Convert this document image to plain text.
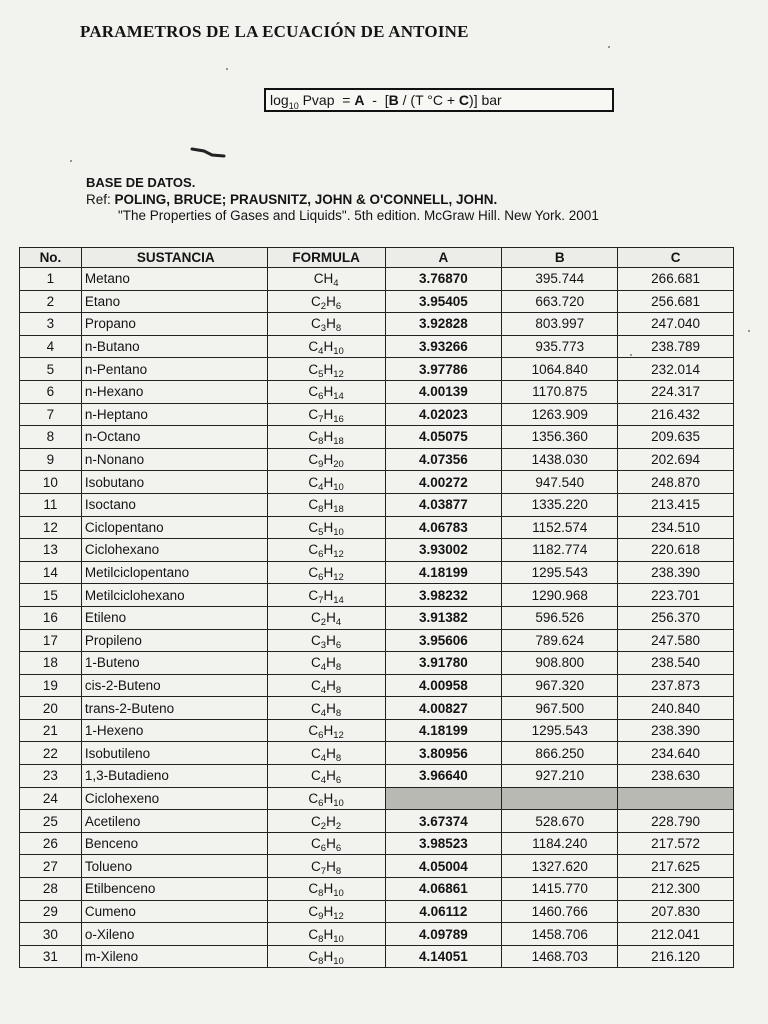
PARAMETROS DE LA ECUACIÓN DE ANTOINE
$\log_{10}$ Pvap  = A  -  [B / (T °C + C)] bar
BASE DE DATOS.
Ref: POLING, BRUCE; PRAUSNITZ, JOHN & O'CONNELL, JOHN.
"The Properties of Gases and Liquids". 5th edition. McGraw Hill. New York. 2001
No.	SUSTANCIA	FORMULA	A	B	C
1	Metano	$CH_4$	3.76870	395.744	266.681
2	Etano	$C_2H_6$	3.95405	663.720	256.681
3	Propano	$C_3H_8$	3.92828	803.997	247.040
4	n-Butano	$C_4H_{10}$	3.93266	935.773	238.789
5	n-Pentano	$C_5H_{12}$	3.97786	1064.840	232.014
6	n-Hexano	$C_6H_{14}$	4.00139	1170.875	224.317
7	n-Heptano	$C_7H_{16}$	4.02023	1263.909	216.432
8	n-Octano	$C_8H_{18}$	4.05075	1356.360	209.635
9	n-Nonano	$C_9H_{20}$	4.07356	1438.030	202.694
10	Isobutano	$C_4H_{10}$	4.00272	947.540	248.870
11	Isoctano	$C_8H_{18}$	4.03877	1335.220	213.415
12	Ciclopentano	$C_5H_{10}$	4.06783	1152.574	234.510
13	Ciclohexano	$C_6H_{12}$	3.93002	1182.774	220.618
14	Metilciclopentano	$C_6H_{12}$	4.18199	1295.543	238.390
15	Metilciclohexano	$C_7H_{14}$	3.98232	1290.968	223.701
16	Etileno	$C_2H_4$	3.91382	596.526	256.370
17	Propileno	$C_3H_6$	3.95606	789.624	247.580
18	1-Buteno	$C_4H_8$	3.91780	908.800	238.540
19	cis-2-Buteno	$C_4H_8$	4.00958	967.320	237.873
20	trans-2-Buteno	$C_4H_8$	4.00827	967.500	240.840
21	1-Hexeno	$C_6H_{12}$	4.18199	1295.543	238.390
22	Isobutileno	$C_4H_8$	3.80956	866.250	234.640
23	1,3-Butadieno	$C_4H_6$	3.96640	927.210	238.630
24	Ciclohexeno	$C_6H_{10}$			
25	Acetileno	$C_2H_2$	3.67374	528.670	228.790
26	Benceno	$C_6H_6$	3.98523	1184.240	217.572
27	Tolueno	$C_7H_8$	4.05004	1327.620	217.625
28	Etilbenceno	$C_8H_{10}$	4.06861	1415.770	212.300
29	Cumeno	$C_9H_{12}$	4.06112	1460.766	207.830
30	o-Xileno	$C_8H_{10}$	4.09789	1458.706	212.041
31	m-Xileno	$C_8H_{10}$	4.14051	1468.703	216.120
